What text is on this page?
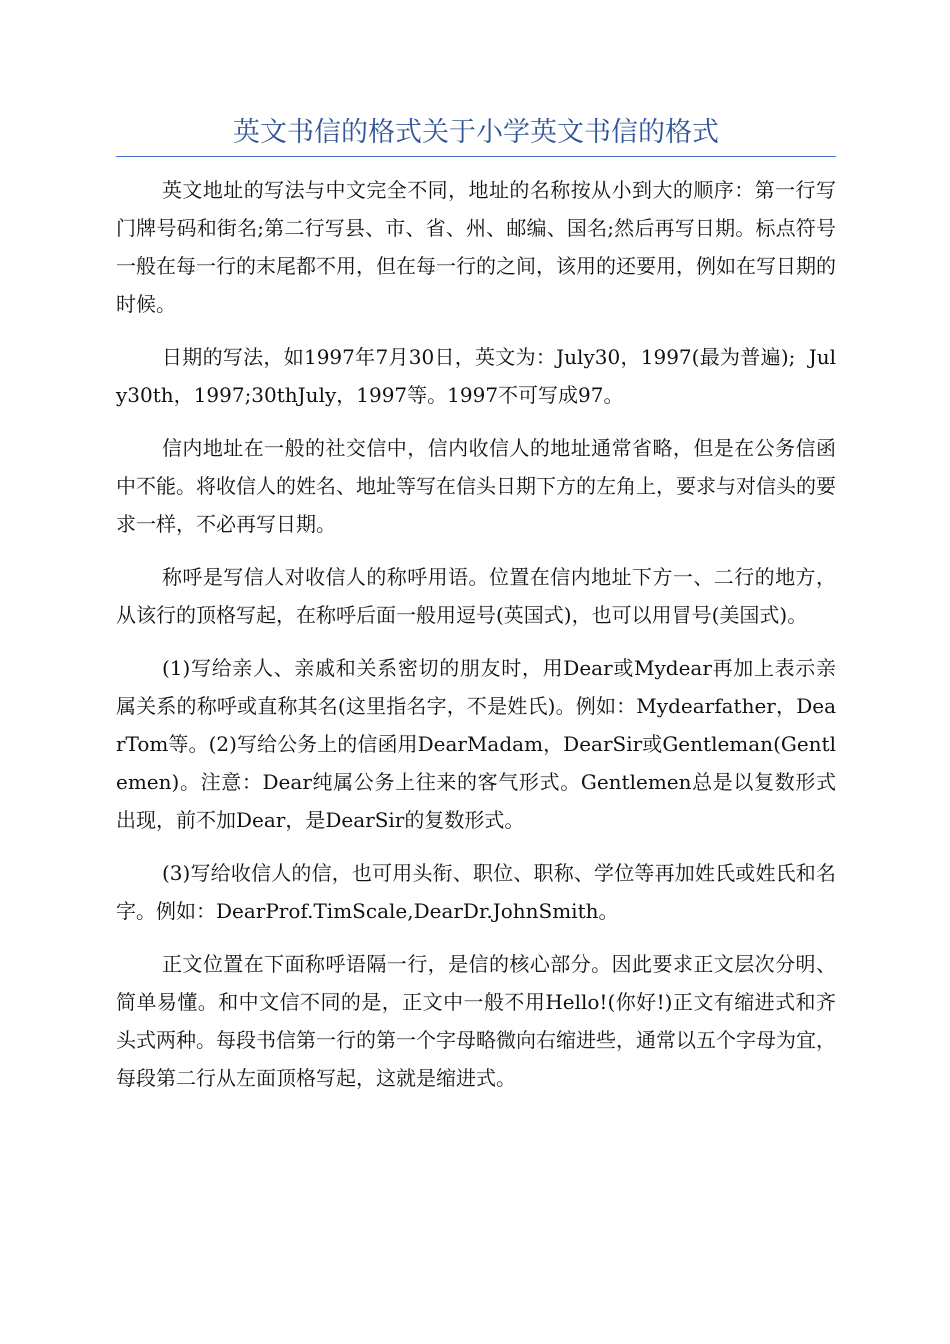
英文书信的格式关于小学英文书信的格式

英文地址的写法与中文完全不同，地址的名称按从小到大的顺序：第一行写门牌号码和街名;第二行写县、市、省、州、邮编、国名;然后再写日期。标点符号一般在每一行的末尾都不用，但在每一行的之间，该用的还要用，例如在写日期的时候。

日期的写法，如1997年7月30日，英文为：July30，1997(最为普遍);  July30th，1997;30thJuly，1997等。1997不可写成97。

信内地址在一般的社交信中，信内收信人的地址通常省略，但是在公务信函中不能。将收信人的姓名、地址等写在信头日期下方的左角上，要求与对信头的要求一样，不必再写日期。

称呼是写信人对收信人的称呼用语。位置在信内地址下方一、二行的地方，从该行的顶格写起，在称呼后面一般用逗号(英国式)，也可以用冒号(美国式)。

(1)写给亲人、亲戚和关系密切的朋友时，用Dear或Mydear再加上表示亲属关系的称呼或直称其名(这里指名字，不是姓氏)。例如：Mydearfather，DearTom等。(2)写给公务上的信函用DearMadam，DearSir或Gentleman(Gentlemen)。注意：Dear纯属公务上往来的客气形式。Gentlemen总是以复数形式出现，前不加Dear，是DearSir的复数形式。

(3)写给收信人的信，也可用头衔、职位、职称、学位等再加姓氏或姓氏和名字。例如：DearProf.TimScale,DearDr.JohnSmith。

正文位置在下面称呼语隔一行，是信的核心部分。因此要求正文层次分明、简单易懂。和中文信不同的是，正文中一般不用Hello!(你好!)正文有缩进式和齐头式两种。每段书信第一行的第一个字母略微向右缩进些，通常以五个字母为宜，每段第二行从左面顶格写起，这就是缩进式。
